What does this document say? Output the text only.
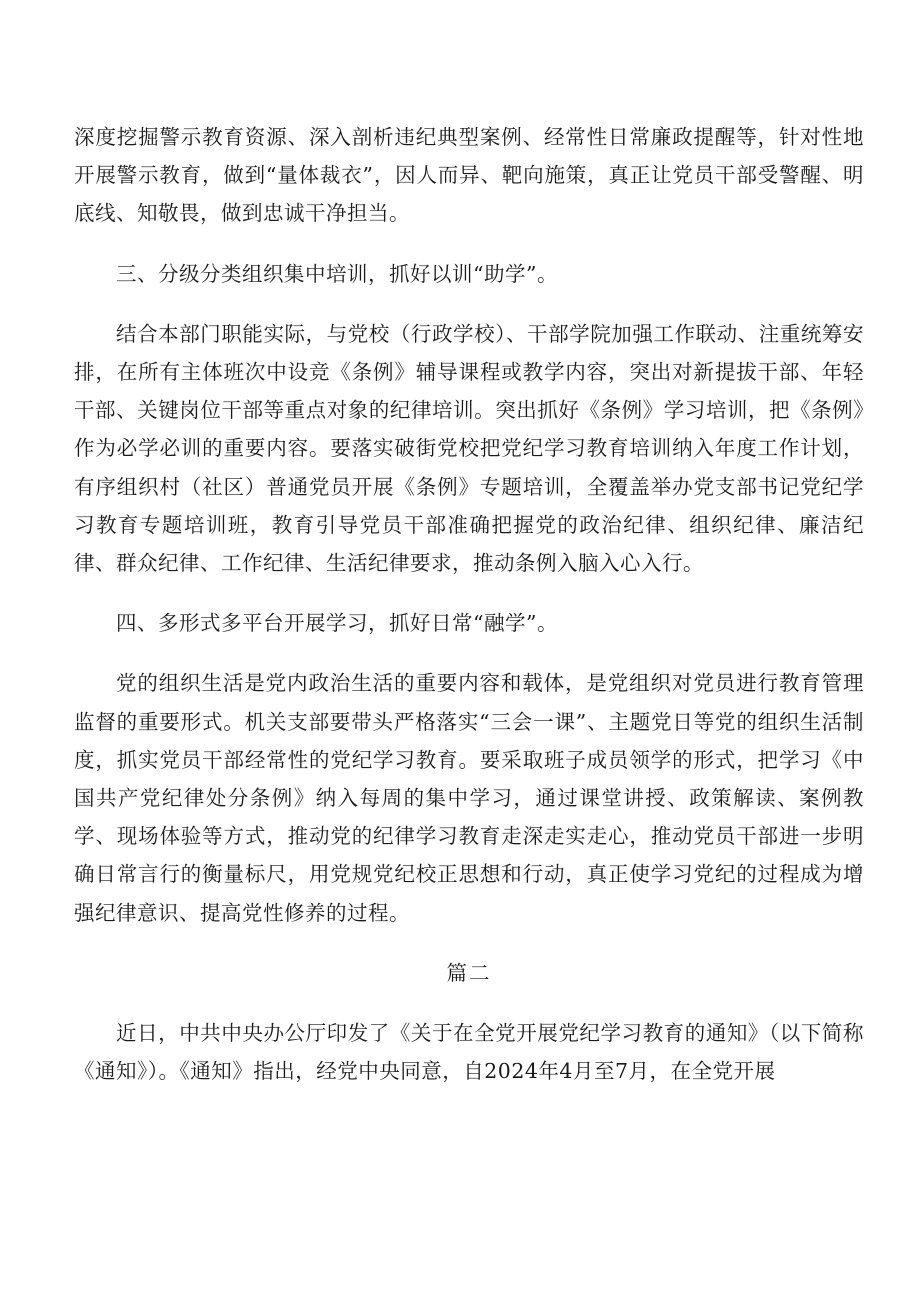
深度挖掘警示教育资源、深入剖析违纪典型案例、经常性日常廉政提醒等，针对性地开展警示教育，做到“量体裁衣”，因人而异、靶向施策，真正让党员干部受警醒、明底线、知敬畏，做到忠诚干净担当。

三、分级分类组织集中培训，抓好以训“助学”。

结合本部门职能实际，与党校（行政学校）、干部学院加强工作联动、注重统筹安排，在所有主体班次中设竞《条例》辅导课程或教学内容，突出对新提拔干部、年轻干部、关键岗位干部等重点对象的纪律培训。突出抓好《条例》学习培训，把《条例》作为必学必训的重要内容。要落实破街党校把党纪学习教育培训纳入年度工作计划，有序组织村（社区）普通党员开展《条例》专题培训，全覆盖举办党支部书记党纪学习教育专题培训班，教育引导党员干部准确把握党的政治纪律、组织纪律、廉洁纪律、群众纪律、工作纪律、生活纪律要求，推动条例入脑入心入行。

四、多形式多平台开展学习，抓好日常“融学”。

党的组织生活是党内政治生活的重要内容和载体，是党组织对党员进行教育管理监督的重要形式。机关支部要带头严格落实“三会一课”、主题党日等党的组织生活制度，抓实党员干部经常性的党纪学习教育。要采取班子成员领学的形式，把学习《中国共产党纪律处分条例》纳入每周的集中学习，通过课堂讲授、政策解读、案例教学、现场体验等方式，推动党的纪律学习教育走深走实走心，推动党员干部进一步明确日常言行的衡量标尺，用党规党纪校正思想和行动，真正使学习党纪的过程成为增强纪律意识、提高党性修养的过程。

篇二

近日，中共中央办公厅印发了《关于在全党开展党纪学习教育的通知》（以下简称《通知》）。《通知》指出，经党中央同意，自2024年4月至7月，在全党开展
